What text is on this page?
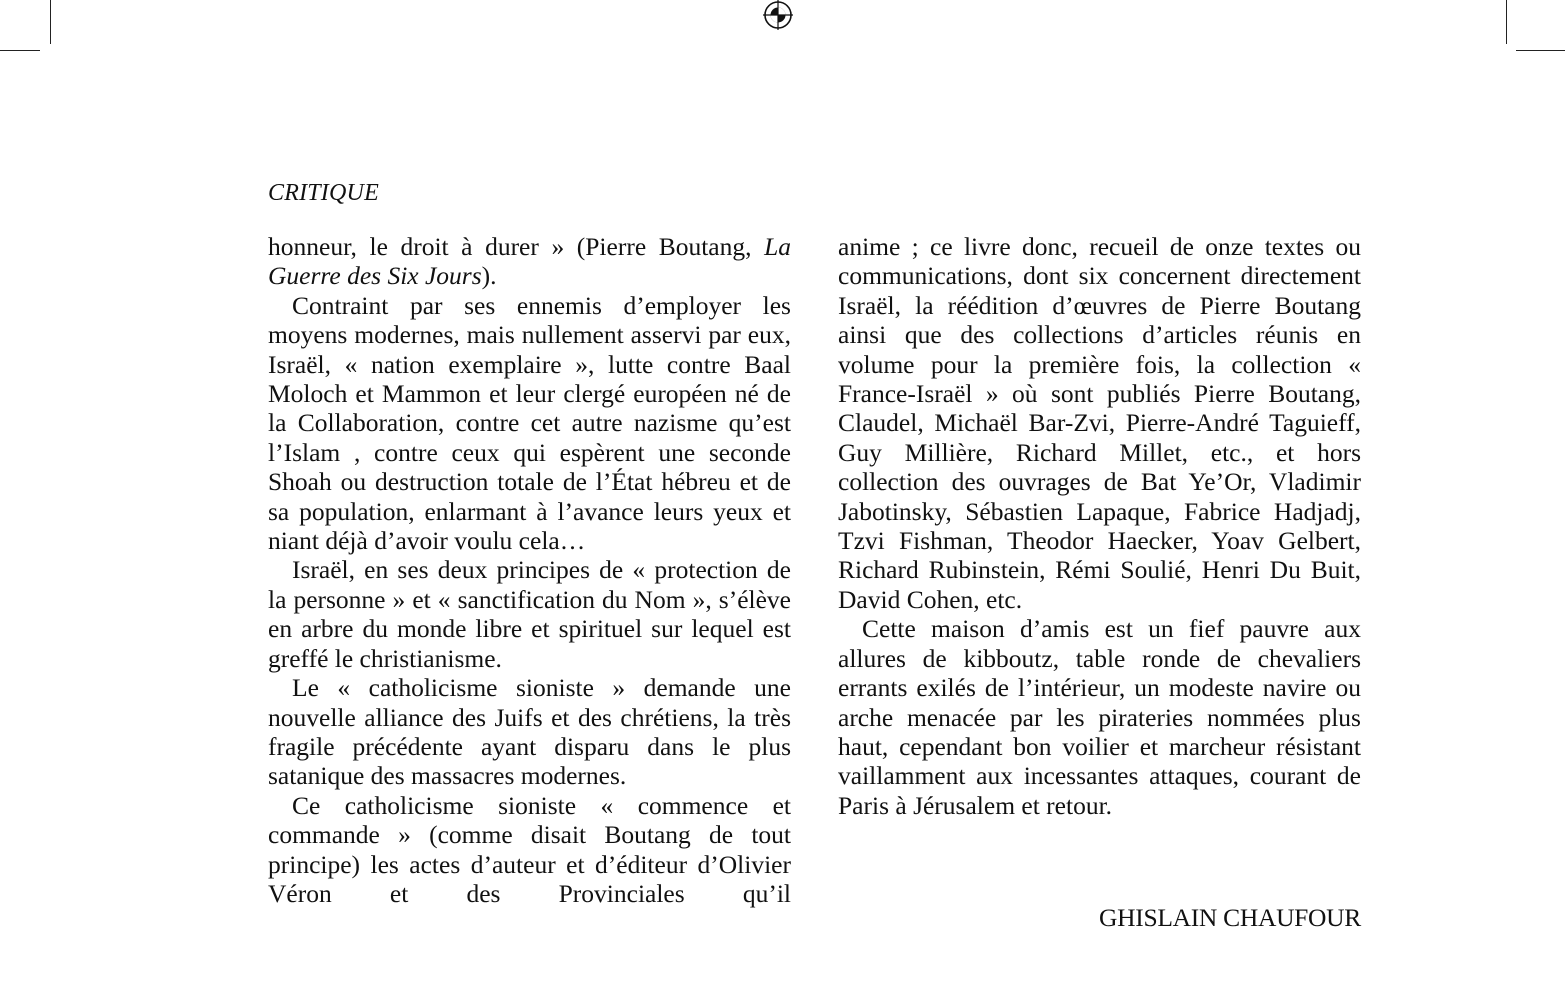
CRITIQUE

honneur, le droit à durer » (Pierre Boutang, La Guerre des Six Jours).

Contraint par ses ennemis d’employer les moyens modernes, mais nullement asservi par eux, Israël, « nation exemplaire », lutte contre Baal Moloch et Mammon et leur clergé européen né de la Collaboration, contre cet autre nazisme qu’est l’Islam , contre ceux qui espèrent une seconde Shoah ou destruction totale de l’État hébreu et de sa population, enlarmant à l’avance leurs yeux et niant déjà d’avoir voulu cela…

Israël, en ses deux principes de « protection de la personne » et « sanctification du Nom », s’élève en arbre du monde libre et spirituel sur lequel est greffé le christianisme.

Le « catholicisme sioniste » demande une nouvelle alliance des Juifs et des chrétiens, la très fragile précédente ayant disparu dans le plus satanique des massacres modernes.

Ce catholicisme sioniste « commence et commande » (comme disait Boutang de tout principe) les actes d’auteur et d’éditeur d’Olivier Véron et des Provinciales qu’il

anime ; ce livre donc, recueil de onze textes ou communications, dont six concernent directement Israël, la réédition d’œuvres de Pierre Boutang ainsi que des collections d’articles réunis en volume pour la première fois, la collection « France-Israël » où sont publiés Pierre Boutang, Claudel, Michaël Bar-Zvi, Pierre-André Taguieff, Guy Millière, Richard Millet, etc., et hors collection des ouvrages de Bat Ye’Or, Vladimir Jabotinsky, Sébastien Lapaque, Fabrice Hadjadj, Tzvi Fishman, Theodor Haecker, Yoav Gelbert, Richard Rubinstein, Rémi Soulié, Henri Du Buit, David Cohen, etc.

Cette maison d’amis est un fief pauvre aux allures de kibboutz, table ronde de chevaliers errants exilés de l’intérieur, un modeste navire ou arche menacée par les pirateries nommées plus haut, cependant bon voilier et marcheur résistant vaillamment aux incessantes attaques, courant de Paris à Jérusalem et retour.

GHISLAIN CHAUFOUR
